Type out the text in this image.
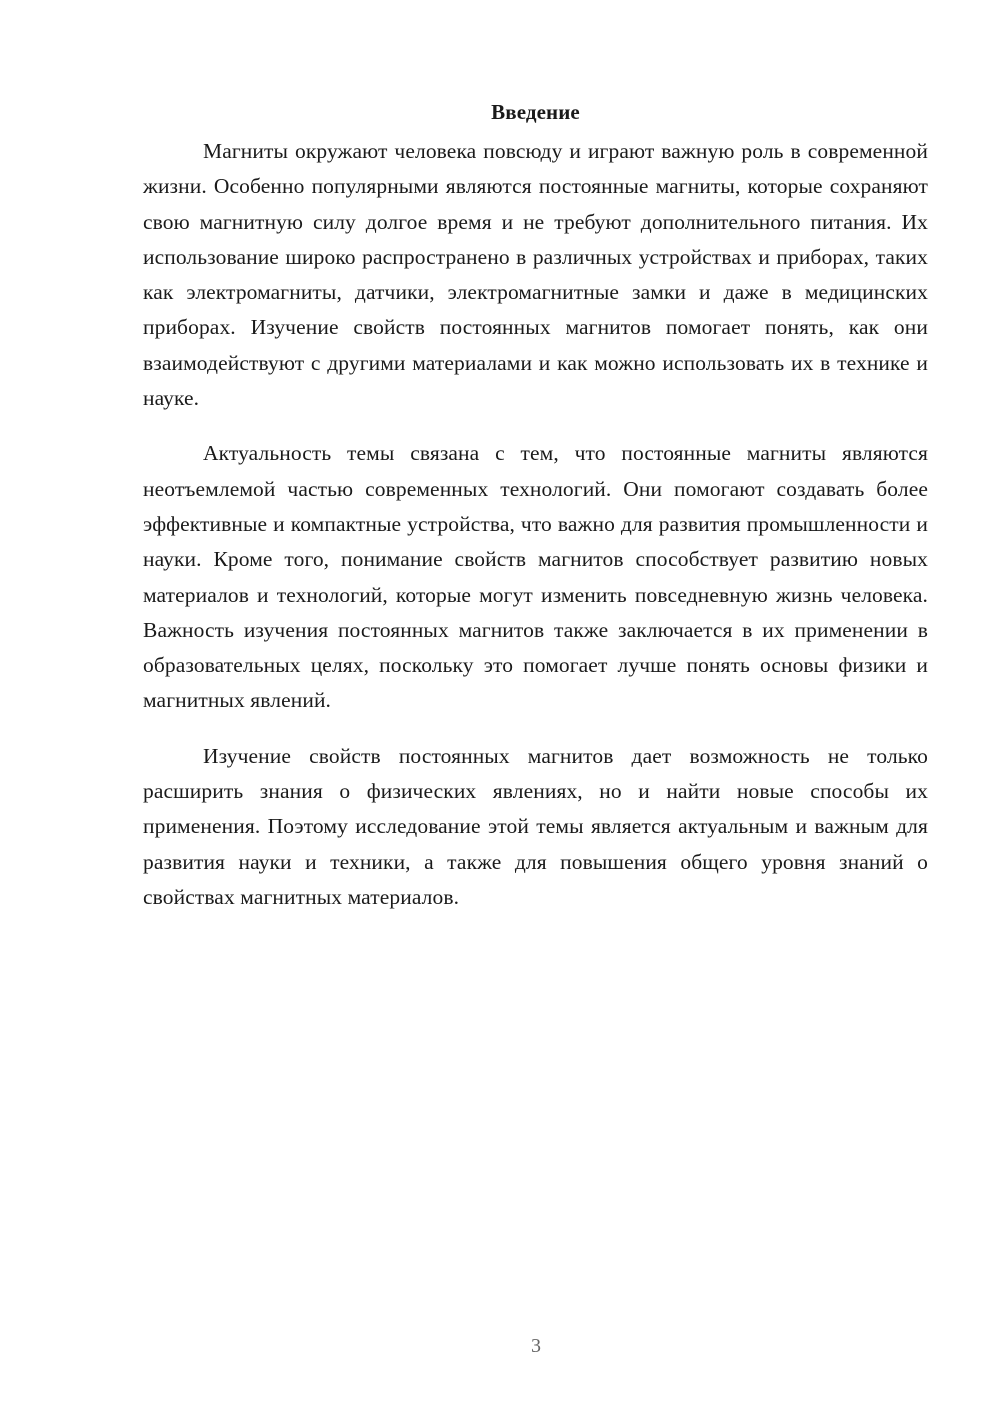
Введение

Магниты окружают человека повсюду и играют важную роль в современной жизни. Особенно популярными являются постоянные магниты, которые сохраняют свою магнитную силу долгое время и не требуют дополнительного питания. Их использование широко распространено в различных устройствах и приборах, таких как электромагниты, датчики, электромагнитные замки и даже в медицинских приборах. Изучение свойств постоянных магнитов помогает понять, как они взаимодействуют с другими материалами и как можно использовать их в технике и науке.

Актуальность темы связана с тем, что постоянные магниты являются неотъемлемой частью современных технологий. Они помогают создавать более эффективные и компактные устройства, что важно для развития промышленности и науки. Кроме того, понимание свойств магнитов способствует развитию новых материалов и технологий, которые могут изменить повседневную жизнь человека. Важность изучения постоянных магнитов также заключается в их применении в образовательных целях, поскольку это помогает лучше понять основы физики и магнитных явлений.

Изучение свойств постоянных магнитов дает возможность не только расширить знания о физических явлениях, но и найти новые способы их применения. Поэтому исследование этой темы является актуальным и важным для развития науки и техники, а также для повышения общего уровня знаний о свойствах магнитных материалов.

3
